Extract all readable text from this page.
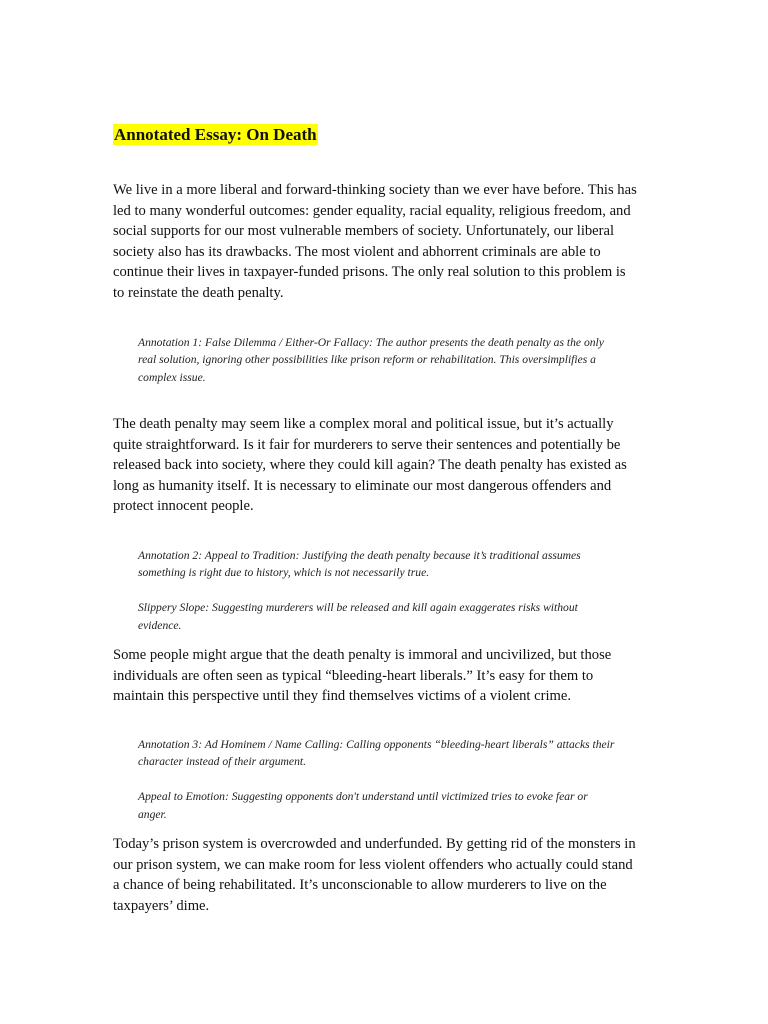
Annotated Essay: On Death

We live in a more liberal and forward-thinking society than we ever have before. This has
led to many wonderful outcomes: gender equality, racial equality, religious freedom, and
social supports for our most vulnerable members of society. Unfortunately, our liberal
society also has its drawbacks. The most violent and abhorrent criminals are able to
continue their lives in taxpayer-funded prisons. The only real solution to this problem is
to reinstate the death penalty.

Annotation 1: False Dilemma / Either-Or Fallacy: The author presents the death penalty as the only
real solution, ignoring other possibilities like prison reform or rehabilitation. This oversimplifies a
complex issue.

The death penalty may seem like a complex moral and political issue, but it’s actually
quite straightforward. Is it fair for murderers to serve their sentences and potentially be
released back into society, where they could kill again? The death penalty has existed as
long as humanity itself. It is necessary to eliminate our most dangerous offenders and
protect innocent people.

Annotation 2: Appeal to Tradition: Justifying the death penalty because it’s traditional assumes
something is right due to history, which is not necessarily true.

Slippery Slope: Suggesting murderers will be released and kill again exaggerates risks without
evidence.

Some people might argue that the death penalty is immoral and uncivilized, but those
individuals are often seen as typical “bleeding-heart liberals.” It’s easy for them to
maintain this perspective until they find themselves victims of a violent crime.

Annotation 3: Ad Hominem / Name Calling: Calling opponents “bleeding-heart liberals” attacks their
character instead of their argument.

Appeal to Emotion: Suggesting opponents don't understand until victimized tries to evoke fear or
anger.

Today’s prison system is overcrowded and underfunded. By getting rid of the monsters in
our prison system, we can make room for less violent offenders who actually could stand
a chance of being rehabilitated. It’s unconscionable to allow murderers to live on the
taxpayers’ dime.
